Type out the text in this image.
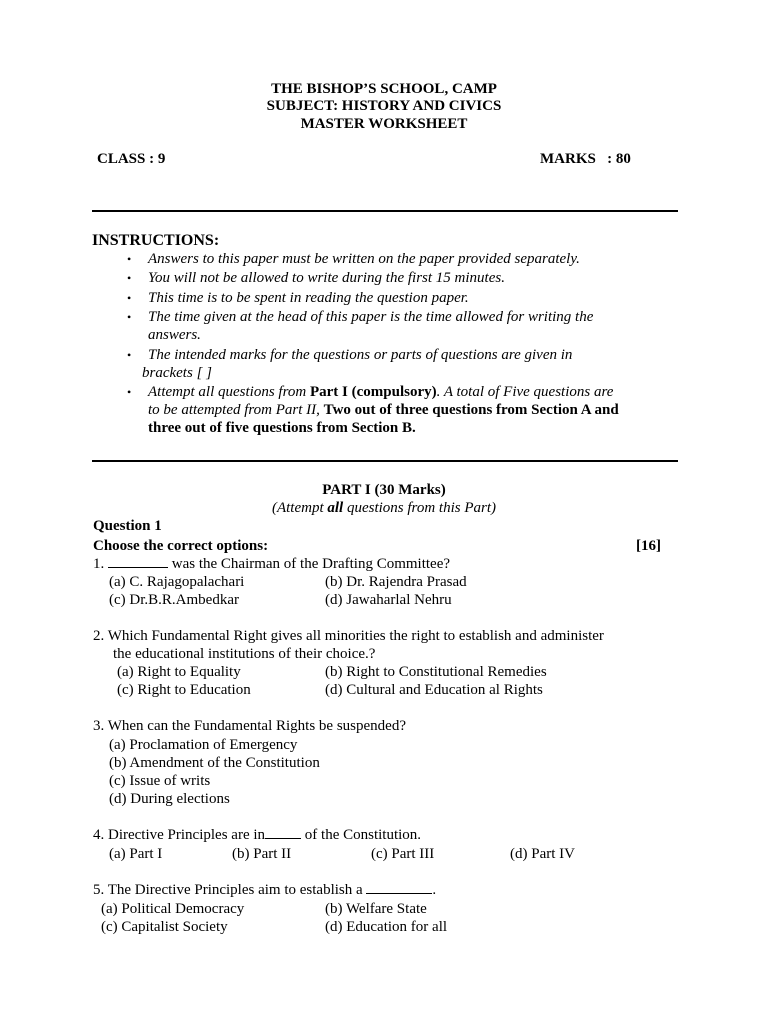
THE BISHOP’S SCHOOL, CAMP
SUBJECT: HISTORY AND CIVICS
MASTER WORKSHEET
CLASS : 9	MARKS   : 80
INSTRUCTIONS:
• Answers to this paper must be written on the paper provided separately.
• You will not be allowed to write during the first 15 minutes.
• This time is to be spent in reading the question paper.
• The time given at the head of this paper is the time allowed for writing the
answers.
• The intended marks for the questions or parts of questions are given in
brackets [ ]
• Attempt all questions from Part I (compulsory). A total of Five questions are
to be attempted from Part II, Two out of three questions from Section A and
three out of five questions from Section B.
PART I (30 Marks)
(Attempt all questions from this Part)
Question 1
Choose the correct options:	[16]
1.	was the Chairman of the Drafting Committee?
(a) C. Rajagopalachari	(b) Dr. Rajendra Prasad
(c) Dr.B.R.Ambedkar	(d) Jawaharlal Nehru
2. Which Fundamental Right gives all minorities the right to establish and administer
the educational institutions of their choice.?
(a) Right to Equality	(b) Right to Constitutional Remedies
(c) Right to Education	(d) Cultural and Education al Rights
3. When can the Fundamental Rights be suspended?
(a) Proclamation of Emergency
(b) Amendment of the Constitution
(c) Issue of writs
(d) During elections
4. Directive Principles are in of the Constitution.
(a) Part I	(b) Part II	(c) Part III	(d) Part IV
5. The Directive Principles aim to establish a	.
(a) Political Democracy	(b) Welfare State
(c) Capitalist Society	(d) Education for all
